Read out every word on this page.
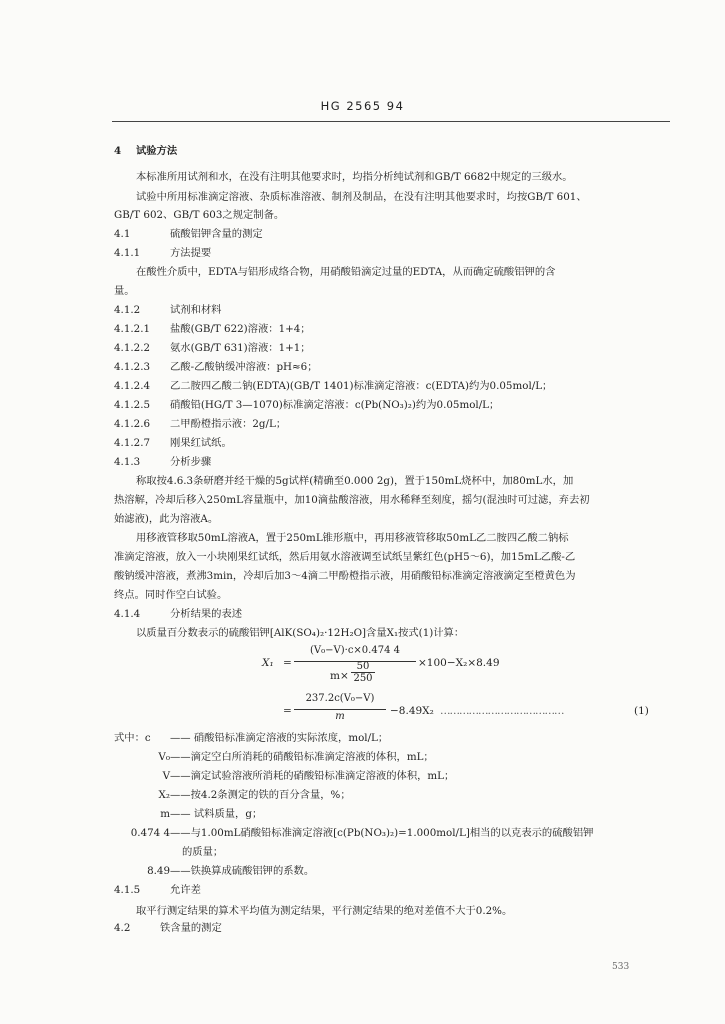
HG 2565 94
4 试验方法
本标准所用试剂和水，在没有注明其他要求时，均指分析纯试剂和GB/T 6682中规定的三级水。
试验中所用标准滴定溶液、杂质标准溶液、制剂及制品，在没有注明其他要求时，均按GB/T 601、
GB/T 602、GB/T 603之规定制备。
4.1	硫酸铝钾含量的测定
4.1.1	方法提要
在酸性介质中，EDTA与铝形成络合物，用硝酸铅滴定过量的EDTA，从而确定硫酸铝钾的含
量。
4.1.2	试剂和材料
4.1.2.1 盐酸(GB/T 622)溶液：1+4；
4.1.2.2 氨水(GB/T 631)溶液：1+1；
4.1.2.3 乙酸-乙酸钠缓冲溶液：pH≈6；
4.1.2.4 乙二胺四乙酸二钠(EDTA)(GB/T 1401)标准滴定溶液：c(EDTA)约为0.05mol/L；
4.1.2.5 硝酸铅(HG/T 3—1070)标准滴定溶液：c(Pb(NO₃)₂)约为0.05mol/L；
4.1.2.6 二甲酚橙指示液：2g/L；
4.1.2.7 刚果红试纸。
4.1.3	分析步骤
称取按4.6.3条研磨并经干燥的5g试样(精确至0.000 2g)，置于150mL烧杯中，加80mL水，加
热溶解，冷却后移入250mL容量瓶中，加10滴盐酸溶液，用水稀释至刻度，摇匀(混浊时可过滤，弃去初
始滤液)，此为溶液A。
用移液管移取50mL溶液A，置于250mL锥形瓶中，再用移液管移取50mL乙二胺四乙酸二钠标
准滴定溶液，放入一小块刚果红试纸，然后用氨水溶液调至试纸呈紫红色(pH5～6)，加15mL乙酸-乙
酸钠缓冲溶液，煮沸3min，冷却后加3～4滴二甲酚橙指示液，用硝酸铅标准滴定溶液滴定至橙黄色为
终点。同时作空白试验。
4.1.4	分析结果的表述
以质量百分数表示的硫酸铝钾[AlK(SO₄)₂·12H₂O]含量X₁按式(1)计算：
X₁ =
(V₀−V)·c×0.474 4
$m\times \frac{50}{250}$	×100−X₂×8.49
=
237.2c(V₀−V)
m	−8.49X₂ …………………………………	(1)
式中：c —— 硝酸铅标准滴定溶液的实际浓度，mol/L；
V₀——滴定空白所消耗的硝酸铅标准滴定溶液的体积，mL；
V——滴定试验溶液所消耗的硝酸铅标准滴定溶液的体积，mL；
X₂——按4.2条测定的铁的百分含量，%；
m—— 试料质量，g；
0.474 4——与1.00mL硝酸铅标准滴定溶液[c(Pb(NO₃)₂)=1.000mol/L]相当的以克表示的硫酸铝钾
的质量；
8.49——铁换算成硫酸铝钾的系数。
4.1.5	允许差
取平行测定结果的算术平均值为测定结果，平行测定结果的绝对差值不大于0.2%。
4.2	铁含量的测定
533
